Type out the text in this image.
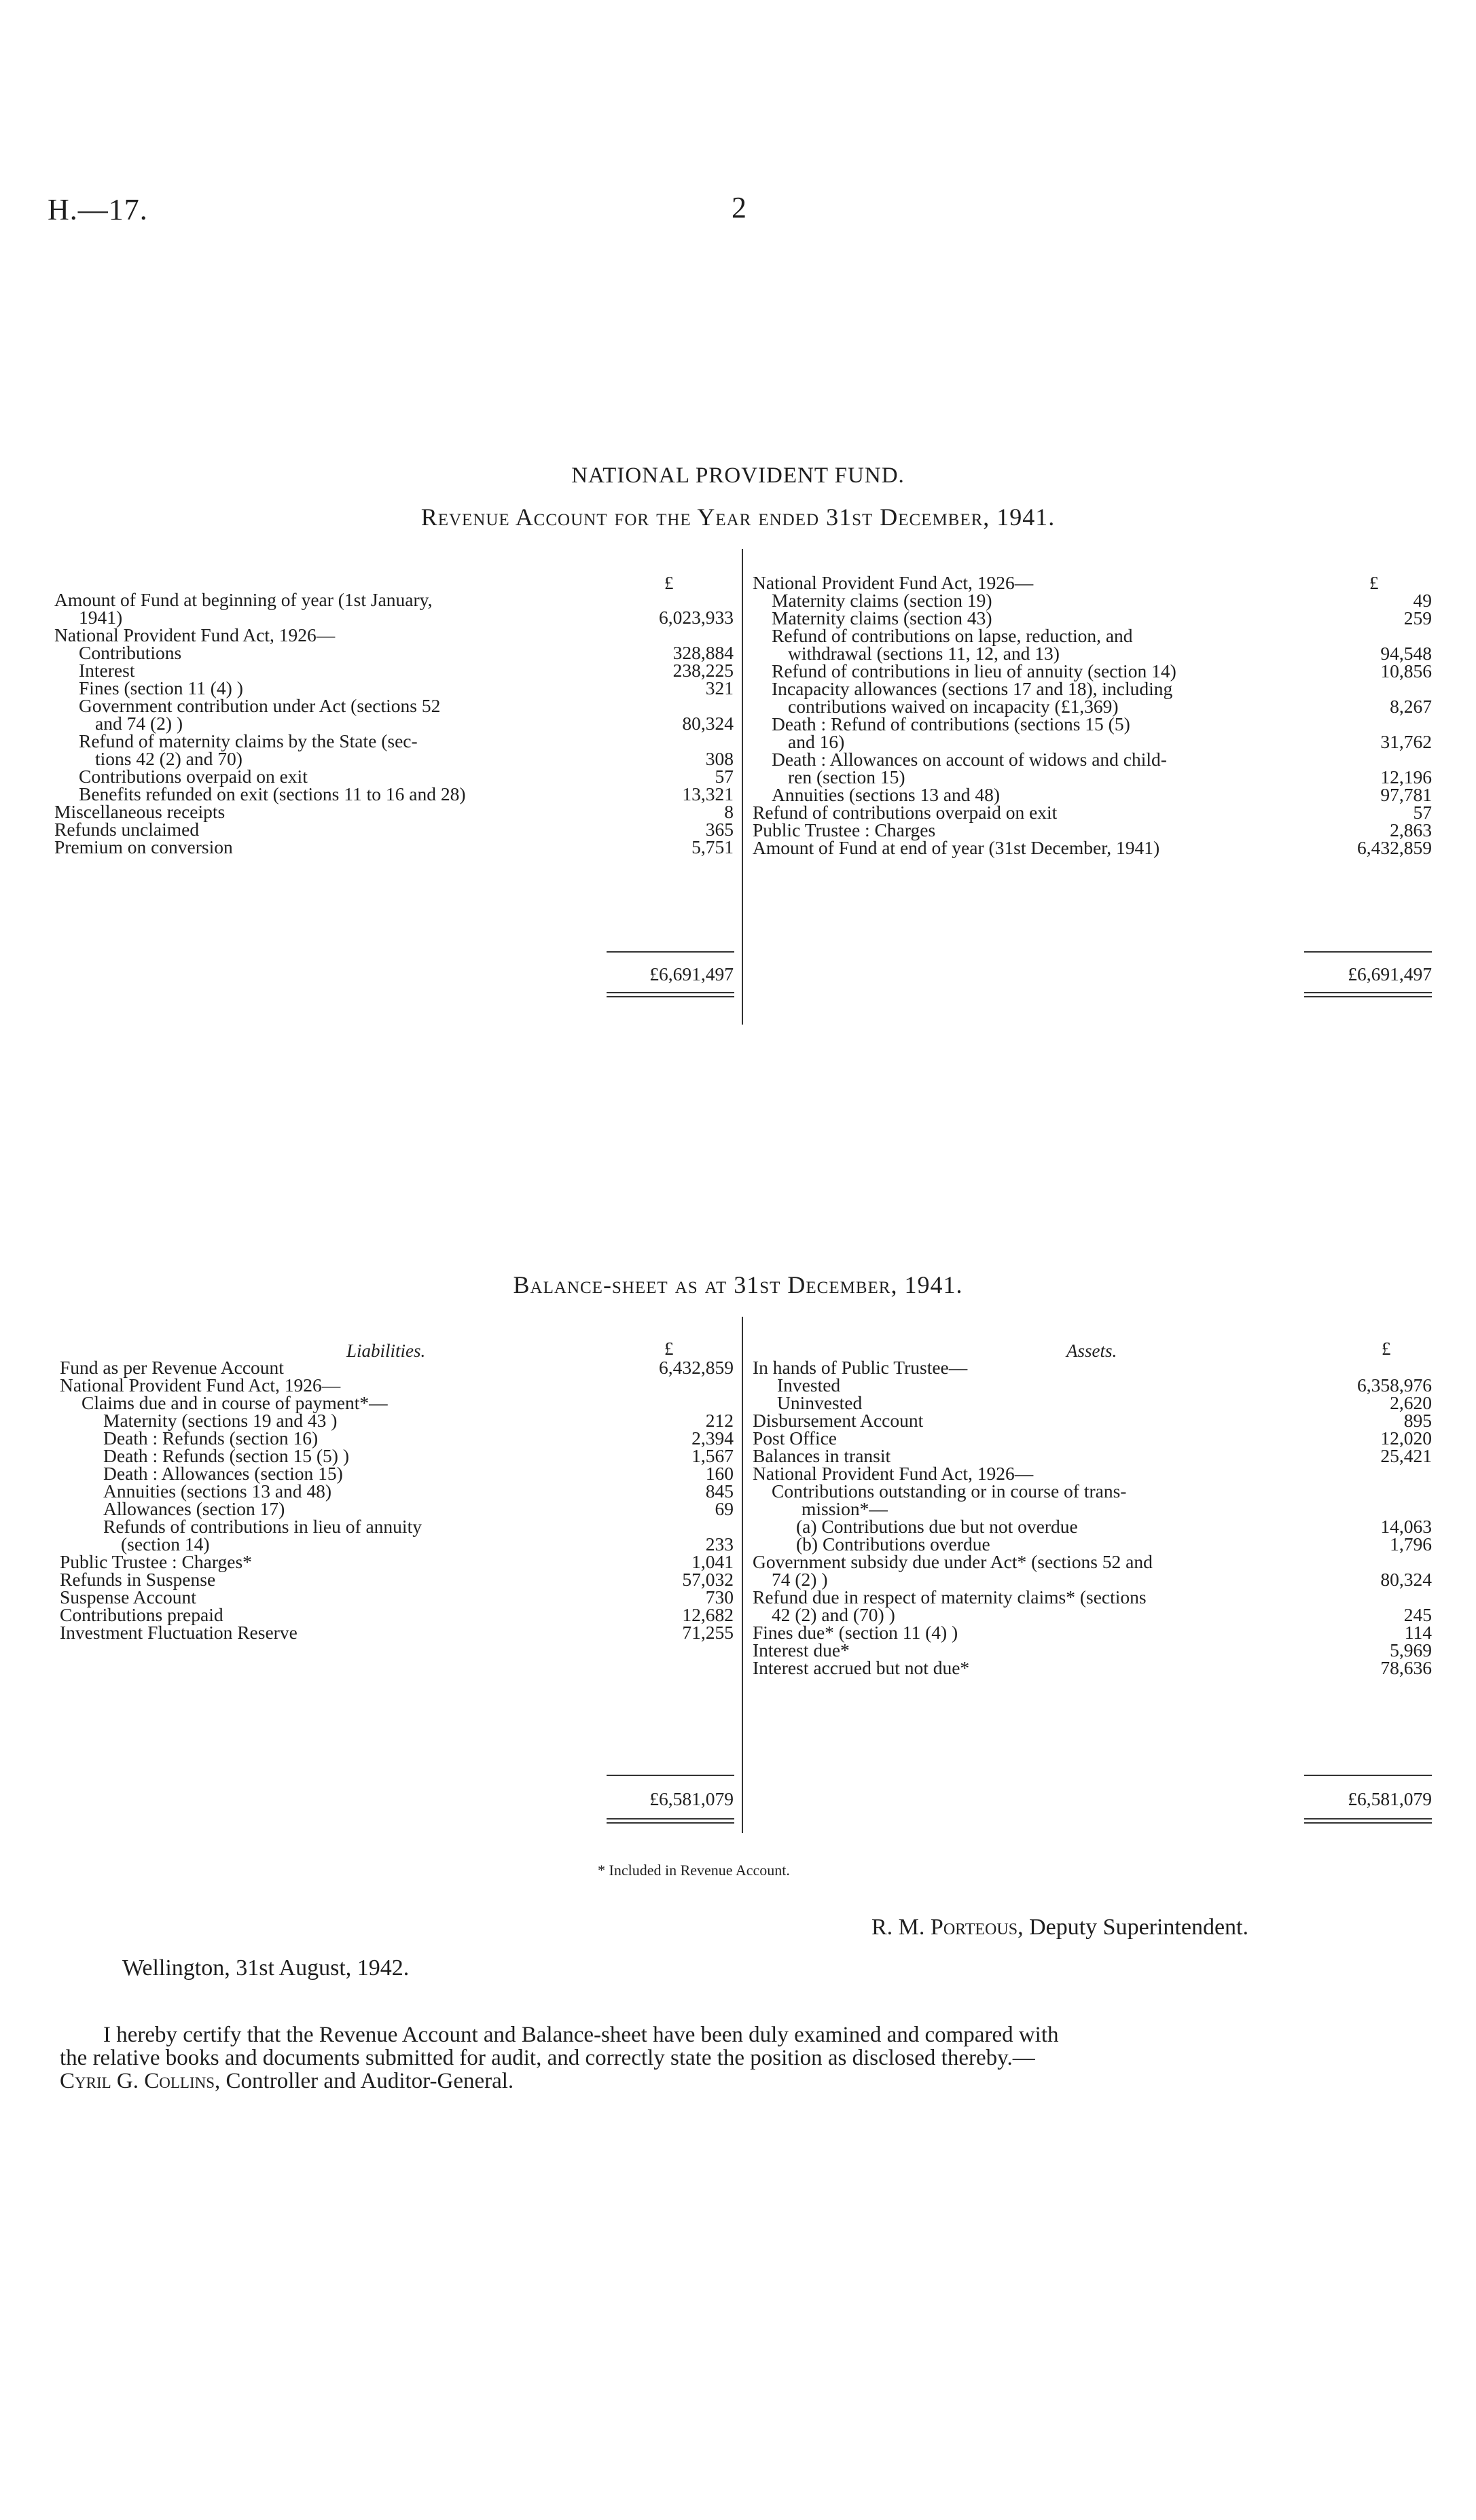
H.—17.	2
NATIONAL PROVIDENT FUND.
Revenue Account for the Year ended 31st December, 1941.
£	£
Amount of Fund at beginning of year (1st January,
1941)	6,023,933
National Provident Fund Act, 1926—
Contributions	328,884
Interest	238,225
Fines (section 11 (4) )	321
Government contribution under Act (sections 52
and 74 (2) )	80,324
Refund of maternity claims by the State (sec-
tions 42 (2) and 70)	308
Contributions overpaid on exit	57
Benefits refunded on exit (sections 11 to 16 and 28)	13,321
Miscellaneous receipts	8
Refunds unclaimed	365
Premium on conversion	5,751
National Provident Fund Act, 1926—
Maternity claims (section 19)	49
Maternity claims (section 43)	259
Refund of contributions on lapse, reduction, and
withdrawal (sections 11, 12, and 13)	94,548
Refund of contributions in lieu of annuity (section 14)	10,856
Incapacity allowances (sections 17 and 18), including
contributions waived on incapacity (£1,369)	8,267
Death : Refund of contributions (sections 15 (5)
and 16)	31,762
Death : Allowances on account of widows and child-
ren (section 15)	12,196
Annuities (sections 13 and 48)	97,781
Refund of contributions overpaid on exit	57
Public Trustee : Charges	2,863
Amount of Fund at end of year (31st December, 1941)	6,432,859
£6,691,497	£6,691,497
Balance-sheet as at 31st December, 1941.
Liabilities.	£	Assets.	£
Fund as per Revenue Account	6,432,859
National Provident Fund Act, 1926—
Claims due and in course of payment*—
Maternity (sections 19 and 43 )	212
Death : Refunds (section 16)	2,394
Death : Refunds (section 15 (5) )	1,567
Death : Allowances (section 15)	160
Annuities (sections 13 and 48)	845
Allowances (section 17)	69
Refunds of contributions in lieu of annuity
(section 14)	233
Public Trustee : Charges*	1,041
Refunds in Suspense	57,032
Suspense Account	730
Contributions prepaid	12,682
Investment Fluctuation Reserve	71,255
In hands of Public Trustee—
Invested	6,358,976
Uninvested	2,620
Disbursement Account	895
Post Office	12,020
Balances in transit	25,421
National Provident Fund Act, 1926—
Contributions outstanding or in course of trans-
mission*—
(a) Contributions due but not overdue	14,063
(b) Contributions overdue	1,796
Government subsidy due under Act* (sections 52 and
74 (2) )	80,324
Refund due in respect of maternity claims* (sections
42 (2) and (70) )	245
Fines due* (section 11 (4) )	114
Interest due*	5,969
Interest accrued but not due*	78,636
£6,581,079	£6,581,079
* Included in Revenue Account.
R. M. Porteous, Deputy Superintendent.
Wellington, 31st August, 1942.
I hereby certify that the Revenue Account and Balance-sheet have been duly examined and compared with
the relative books and documents submitted for audit, and correctly state the position as disclosed thereby.—
Cyril G. Collins, Controller and Auditor-General.
